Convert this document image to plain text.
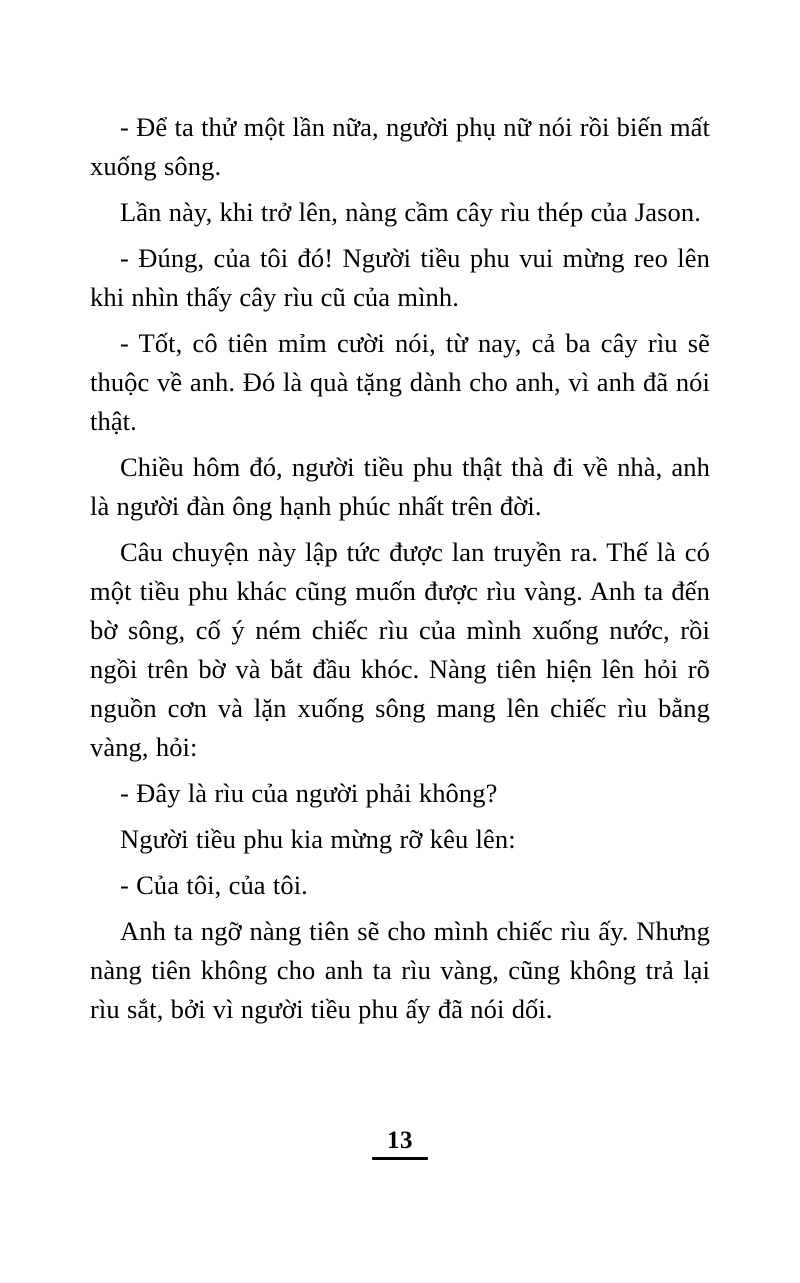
- Để ta thử một lần nữa, người phụ nữ nói rồi biến mất xuống sông.

Lần này, khi trở lên, nàng cầm cây rìu thép của Jason.

- Đúng, của tôi đó! Người tiều phu vui mừng reo lên khi nhìn thấy cây rìu cũ của mình.

- Tốt, cô tiên mỉm cười nói, từ nay, cả ba cây rìu sẽ thuộc về anh. Đó là quà tặng dành cho anh, vì anh đã nói thật.

Chiều hôm đó, người tiều phu thật thà đi về nhà, anh là người đàn ông hạnh phúc nhất trên đời.

Câu chuyện này lập tức được lan truyền ra. Thế là có một tiều phu khác cũng muốn được rìu vàng. Anh ta đến bờ sông, cố ý ném chiếc rìu của mình xuống nước, rồi ngồi trên bờ và bắt đầu khóc. Nàng tiên hiện lên hỏi rõ nguồn cơn và lặn xuống sông mang lên chiếc rìu bằng vàng, hỏi:

- Đây là rìu của người phải không?

Người tiều phu kia mừng rỡ kêu lên:

- Của tôi, của tôi.

Anh ta ngỡ nàng tiên sẽ cho mình chiếc rìu ấy. Nhưng nàng tiên không cho anh ta rìu vàng, cũng không trả lại rìu sắt, bởi vì người tiều phu ấy đã nói dối.

13
